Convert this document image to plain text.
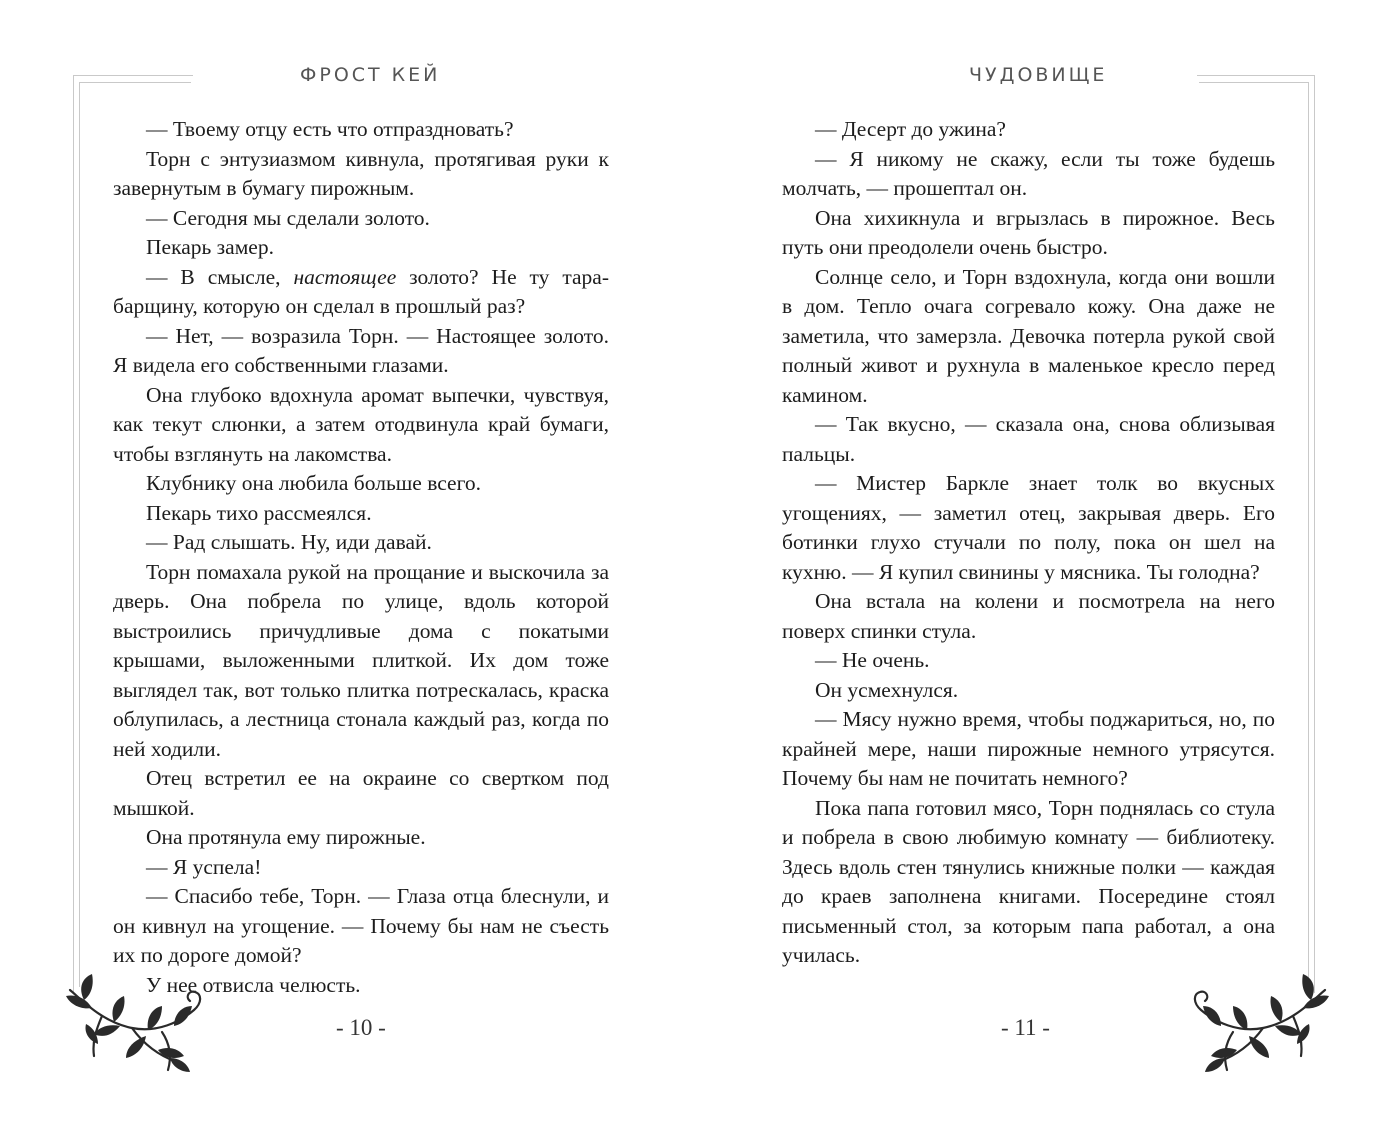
ФРОСТ КЕЙ

— Твоему отцу есть что отпраздновать?

Торн с энтузиазмом кивнула, протягивая руки к завернутым в бумагу пирожным.

— Сегодня мы сделали золото.

Пекарь замер.

— В смысле, настоящее золото? Не ту тарабарщину, которую он сделал в прошлый раз?

— Нет, — возразила Торн. — Настоящее золото. Я видела его собственными глазами.

Она глубоко вдохнула аромат выпечки, чувствуя, как текут слюнки, а затем отодвинула край бумаги, чтобы взглянуть на лакомства.

Клубнику она любила больше всего.

Пекарь тихо рассмеялся.

— Рад слышать. Ну, иди давай.

Торн помахала рукой на прощание и выскочила за дверь. Она побрела по улице, вдоль которой выстроились причудливые дома с покатыми крышами, выложенными плиткой. Их дом тоже выглядел так, вот только плитка потрескалась, краска облупилась, а лестница стонала каждый раз, когда по ней ходили.

Отец встретил ее на окраине со свертком под мышкой.

Она протянула ему пирожные.

— Я успела!

— Спасибо тебе, Торн. — Глаза отца блеснули, и он кивнул на угощение. — Почему бы нам не съесть их по дороге домой?

У нее отвисла челюсть.

- 10 -

ЧУДОВИЩЕ

— Десерт до ужина?

— Я никому не скажу, если ты тоже будешь молчать, — прошептал он.

Она хихикнула и вгрызлась в пирожное. Весь путь они преодолели очень быстро.

Солнце село, и Торн вздохнула, когда они вошли в дом. Тепло очага согревало кожу. Она даже не заметила, что замерзла. Девочка потерла рукой свой полный живот и рухнула в маленькое кресло перед камином.

— Так вкусно, — сказала она, снова облизывая пальцы.

— Мистер Баркле знает толк во вкусных угощениях, — заметил отец, закрывая дверь. Его ботинки глухо стучали по полу, пока он шел на кухню. — Я купил свинины у мясника. Ты голодна?

Она встала на колени и посмотрела на него поверх спинки стула.

— Не очень.

Он усмехнулся.

— Мясу нужно время, чтобы поджариться, но, по крайней мере, наши пирожные немного утрясутся. Почему бы нам не почитать немного?

Пока папа готовил мясо, Торн поднялась со стула и побрела в свою любимую комнату — библиотеку. Здесь вдоль стен тянулись книжные полки — каждая до краев заполнена книгами. Посередине стоял письменный стол, за которым папа работал, а она училась.

- 11 -
